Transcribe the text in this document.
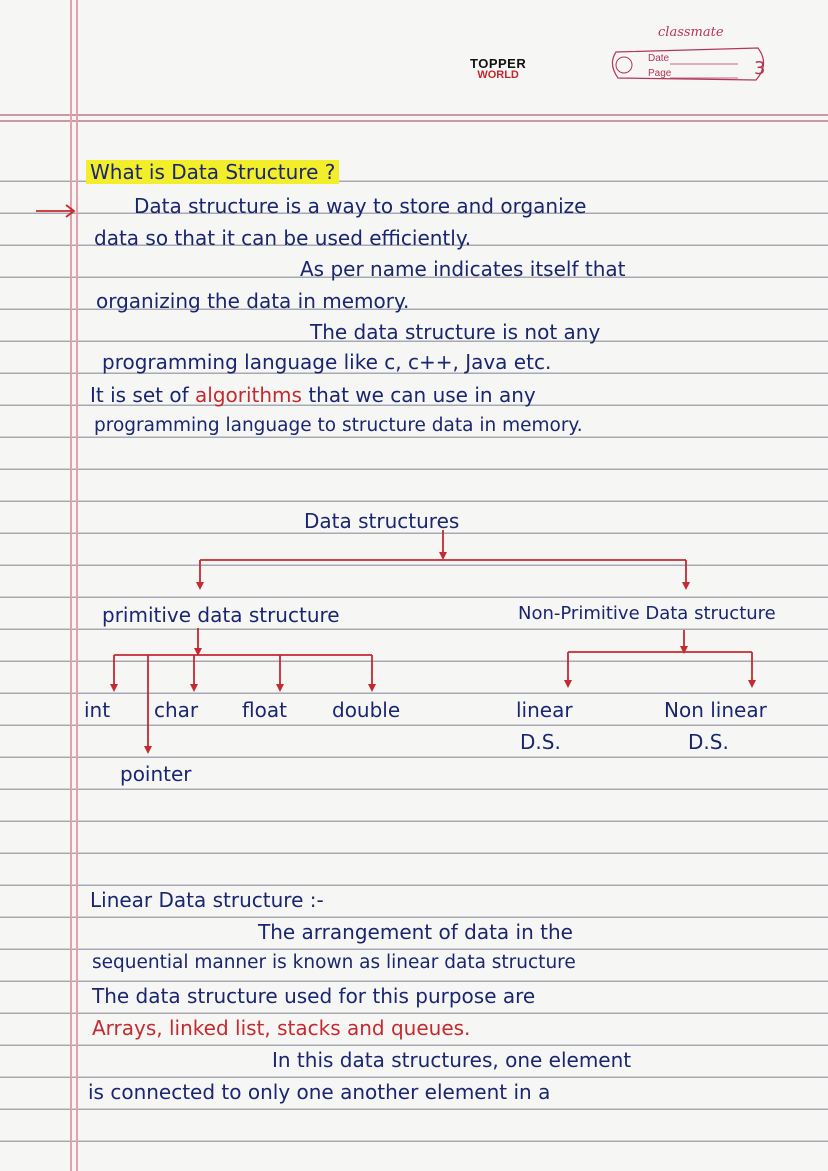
TOPPER
WORLD
classmate
Date
Page	3
What is Data Structure ?
Data structure is a way to store and organize
data so that it can be used efficiently.
As per name indicates itself that
organizing the data in memory.
The data structure is not any
programming language like c, c++, Java etc.
It is set of algorithms that we can use in any
programming language to structure data in memory.
Data structures
primitive data structure	Non-Primitive Data structure
int char float double
pointer
linear
D.S.
Non linear
D.S.
Linear Data structure :-
The arrangement of data in the
sequential manner is known as linear data structure
The data structure used for this purpose are
Arrays, linked list, stacks and queues.
In this data structures, one element
is connected to only one another element in a
